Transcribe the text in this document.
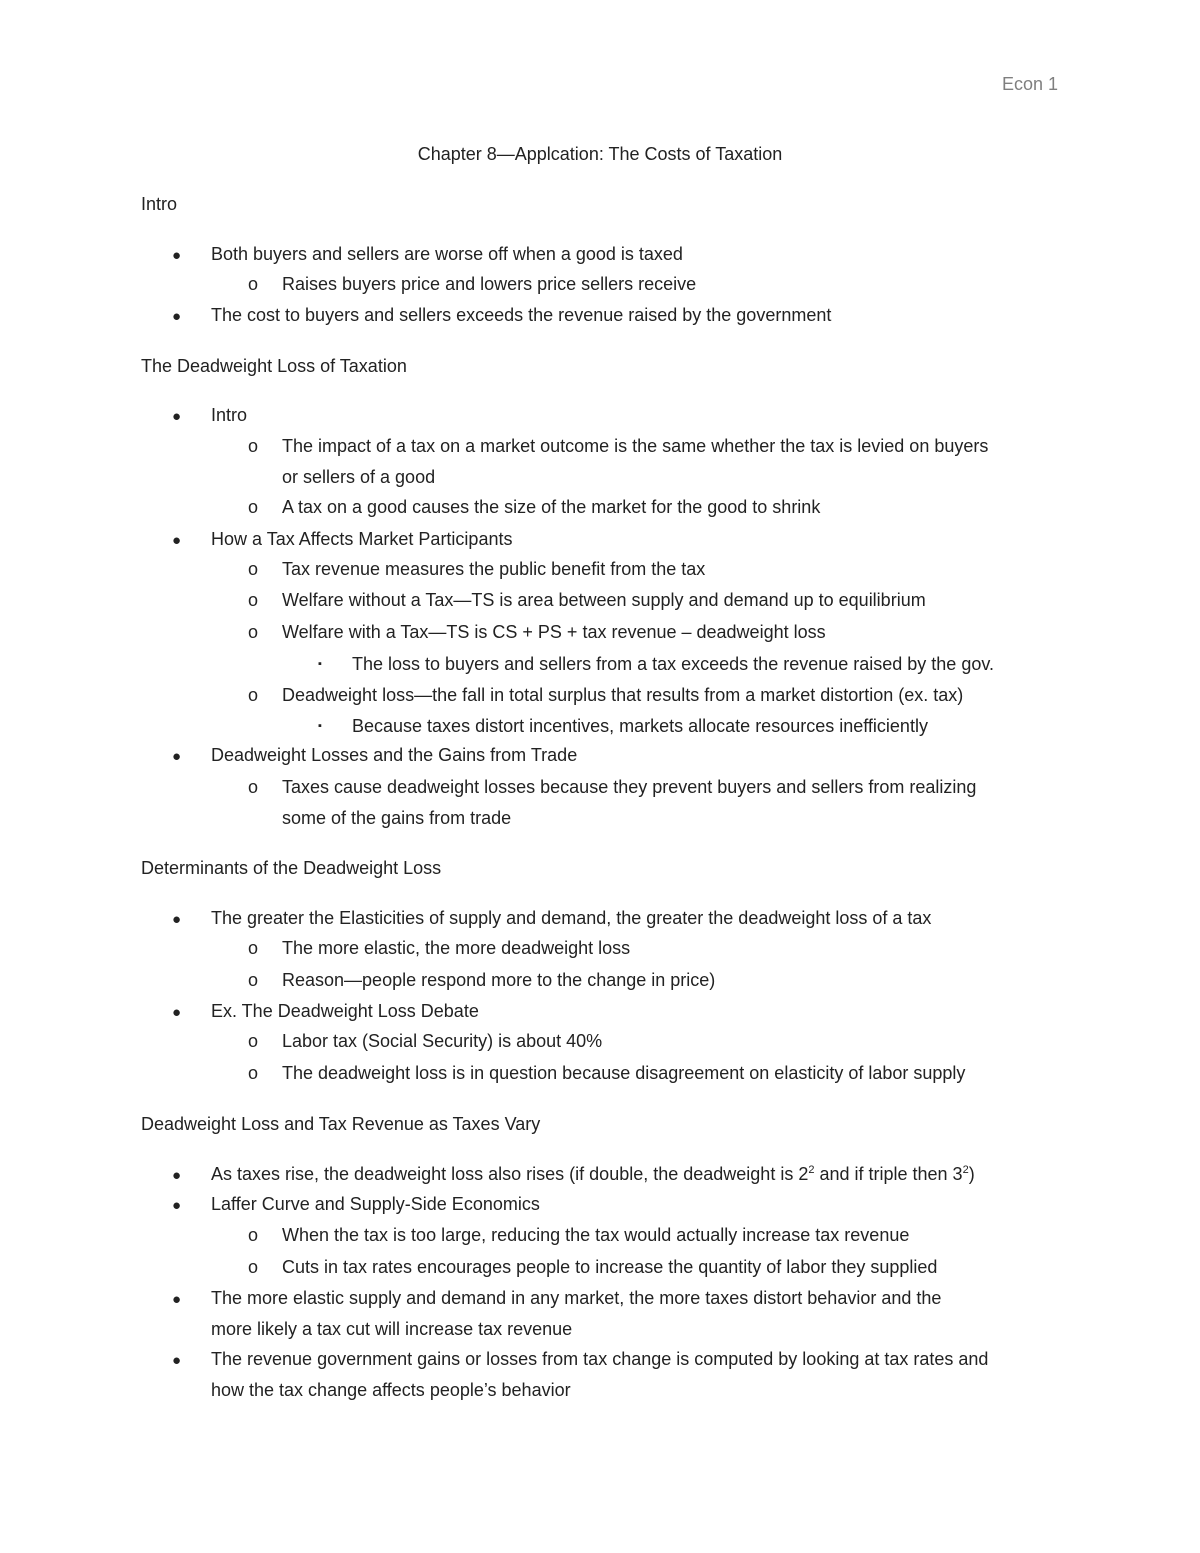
Econ 1
Chapter 8—Applcation: The Costs of Taxation
Intro
● Both buyers and sellers are worse off when a good is taxed
o Raises buyers price and lowers price sellers receive
● The cost to buyers and sellers exceeds the revenue raised by the government
The Deadweight Loss of Taxation
● Intro
o The impact of a tax on a market outcome is the same whether the tax is levied on buyers
or sellers of a good
o A tax on a good causes the size of the market for the good to shrink
● How a Tax Affects Market Participants
o Tax revenue measures the public benefit from the tax
o Welfare without a Tax—TS is area between supply and demand up to equilibrium
o Welfare with a Tax—TS is CS + PS + tax revenue – deadweight loss
▪ The loss to buyers and sellers from a tax exceeds the revenue raised by the gov.
o Deadweight loss—the fall in total surplus that results from a market distortion (ex. tax)
▪ Because taxes distort incentives, markets allocate resources inefficiently
● Deadweight Losses and the Gains from Trade
o Taxes cause deadweight losses because they prevent buyers and sellers from realizing
some of the gains from trade
Determinants of the Deadweight Loss
● The greater the Elasticities of supply and demand, the greater the deadweight loss of a tax
o The more elastic, the more deadweight loss
o Reason—people respond more to the change in price)
● Ex. The Deadweight Loss Debate
o Labor tax (Social Security) is about 40%
o The deadweight loss is in question because disagreement on elasticity of labor supply
Deadweight Loss and Tax Revenue as Taxes Vary
● As taxes rise, the deadweight loss also rises (if double, the deadweight is $2^2$ and if triple then $3^2$)
● Laffer Curve and Supply-Side Economics
o When the tax is too large, reducing the tax would actually increase tax revenue
o Cuts in tax rates encourages people to increase the quantity of labor they supplied
● The more elastic supply and demand in any market, the more taxes distort behavior and the
more likely a tax cut will increase tax revenue
● The revenue government gains or losses from tax change is computed by looking at tax rates and
how the tax change affects people’s behavior
